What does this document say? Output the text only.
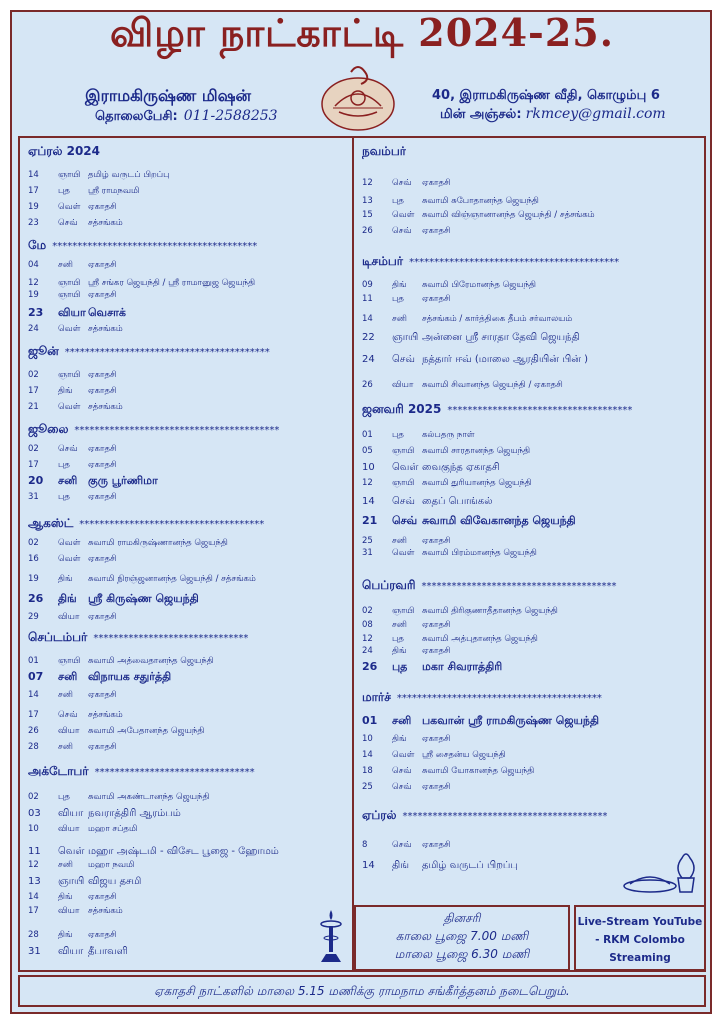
விழா நாட்காட்டி 2024-25.
இராமகிருஷ்ண மிஷன்
தொலைபேசி: 011-2588253
40, இராமகிருஷ்ண வீதி, கொழும்பு 6
மின் அஞ்சல்: rkmcey@gmail.com
ஏப்ரல் 2024
14 ஞாயி தமிழ் வருடப் பிறப்பு
17 புத ஸ்ரீ ராமநவமி
19 வெள் ஏகாதசி
23 செவ் சத்சங்கம்
மே *****************************************
04 சனி ஏகாதசி
12 ஞாயி ஸ்ரீ சங்கர ஜெயந்தி / ஸ்ரீ ராமானுஜ ஜெயந்தி
19 ஞாயி ஏகாதசி
23 வியா வெசாக்
24 வெள் சத்சங்கம்
ஜூன் *****************************************
02 ஞாயி ஏகாதசி
17 திங் ஏகாதசி
21 வெள் சத்சங்கம்
ஜூலை *****************************************
02 செவ் ஏகாதசி
17 புத ஏகாதசி
20 சனி குரு பூர்ணிமா
31 புத ஏகாதசி
ஆகஸ்ட் *************************************
02 வெள் சுவாமி ராமகிருஷ்ணானந்த ஜெயந்தி
16 வெள் ஏகாதசி
19 திங் சுவாமி நிரஞ்ஜனானந்த ஜெயந்தி / சத்சங்கம்
26 திங் ஸ்ரீ கிருஷ்ண ஜெயந்தி
29 வியா ஏகாதசி
செப்டம்பர் *******************************
01 ஞாயி சுவாமி அத்வைதானந்த ஜெயந்தி
07 சனி விநாயக சதுர்த்தி
14 சனி ஏகாதசி
17 செவ் சத்சங்கம்
26 வியா சுவாமி அபேதானந்த ஜெயந்தி
28 சனி ஏகாதசி
அக்டோபர் ********************************
02 புத சுவாமி அகண்டானந்த ஜெயந்தி
03 வியா நவராத்திரி ஆரம்பம்
10 வியா மஹா சப்தமி
11 வெள் மஹா அஷ்டமி - விசேட பூஜை - ஹோமம்
12 சனி மஹா நவமி
13 ஞாயி விஜய தசமி
14 திங் ஏகாதசி
17 வியா சத்சங்கம்
28 திங் ஏகாதசி
31 வியா தீபாவளி
நவம்பர்
12 செவ் ஏகாதசி
13 புத சுவாமி சுபோதானந்த ஜெயந்தி
15 வெள் சுவாமி விஞ்ஞானானந்த ஜெயந்தி / சத்சங்கம்
26 செவ் ஏகாதசி
டிசம்பர் ******************************************
09 திங் சுவாமி பிரேமானந்த ஜெயந்தி
11 புத ஏகாதசி
14 சனி சத்சங்கம் / கார்த்திகை தீபம் சர்வாலயம்
22 ஞாயி அன்னை ஸ்ரீ சாரதா தேவி ஜெயந்தி
24 செவ் நத்தார் ஈவ் (மாலை ஆரதியின் பின் )
26 வியா சுவாமி சிவானந்த ஜெயந்தி / ஏகாதசி
ஜனவரி 2025 *************************************
01 புத கல்பதரு நாள்
05 ஞாயி சுவாமி சாரதானந்த ஜெயந்தி
10 வெள் வைகுந்த ஏகாதசி
12 ஞாயி சுவாமி துரியானந்த ஜெயந்தி
14 செவ் தைப் பொங்கல்
21 செவ் சுவாமி விவேகானந்த ஜெயந்தி
25 சனி ஏகாதசி
31 வெள் சுவாமி பிரம்மானந்த ஜெயந்தி
பெப்ரவரி ***************************************
02 ஞாயி சுவாமி திரிகுணாதீதானந்த ஜெயந்தி
08 சனி ஏகாதசி
12 புத சுவாமி அத்புதானந்த ஜெயந்தி
24 திங் ஏகாதசி
26 புத மகா சிவராத்திரி
மார்ச் *****************************************
01 சனி பகவான் ஸ்ரீ ராமகிருஷ்ண ஜெயந்தி
10 திங் ஏகாதசி
14 வெள் ஸ்ரீ சைதன்ய ஜெயந்தி
18 செவ் சுவாமி யோகானந்த ஜெயந்தி
25 செவ் ஏகாதசி
ஏப்ரல் *****************************************
8	செவ் ஏகாதசி
14 திங் தமிழ் வருடப் பிறப்பு
தினசரி
காலை பூஜை 7.00 மணி
மாலை பூஜை 6.30 மணி
Live-Stream YouTube
- RKM Colombo
Streaming
ஏகாதசி நாட்களில் மாலை 5.15 மணிக்கு ராமநாம சங்கீர்த்தனம் நடைபெறும்.
